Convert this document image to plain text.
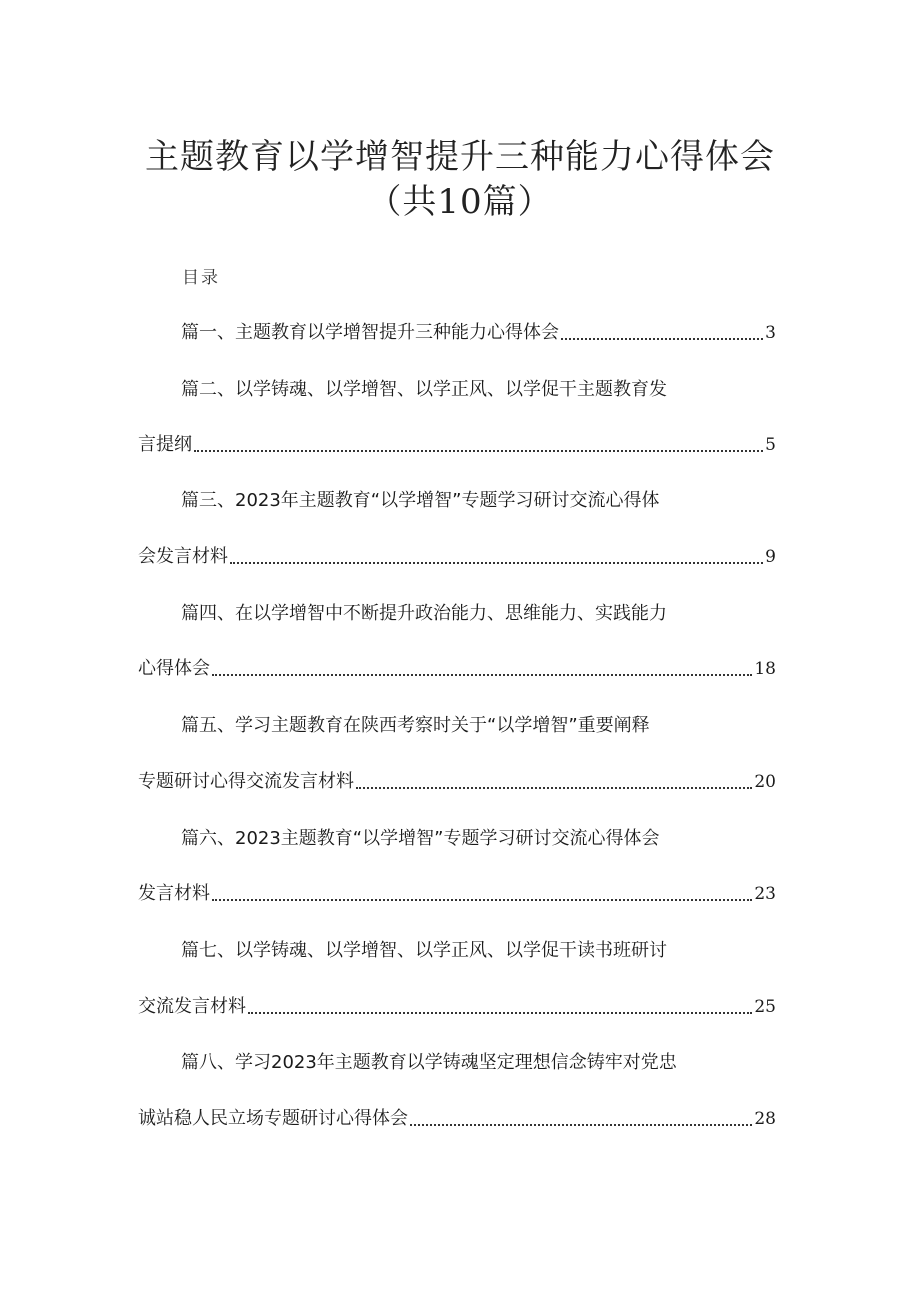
主题教育以学增智提升三种能力心得体会
（共10篇）
目录
篇一、主题教育以学增智提升三种能力心得体会	3
篇二、以学铸魂、以学增智、以学正风、以学促干主题教育发
言提纲	5
篇三、2023年主题教育“以学增智”专题学习研讨交流心得体
会发言材料	9
篇四、在以学增智中不断提升政治能力、思维能力、实践能力
心得体会	18
篇五、学习主题教育在陕西考察时关于“以学增智”重要阐释
专题研讨心得交流发言材料	20
篇六、2023主题教育“以学增智”专题学习研讨交流心得体会
发言材料	23
篇七、以学铸魂、以学增智、以学正风、以学促干读书班研讨
交流发言材料	25
篇八、学习2023年主题教育以学铸魂坚定理想信念铸牢对党忠
诚站稳人民立场专题研讨心得体会	28
